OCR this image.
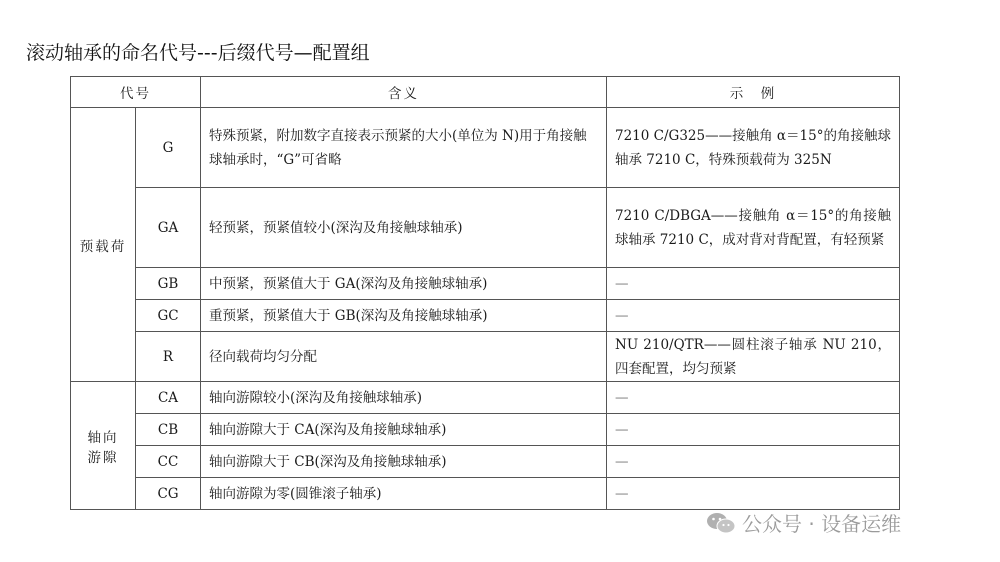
滚动轴承的命名代号---后缀代号—配置组
代号		含义	示　例
预载荷	G	特殊预紧，附加数字直接表示预紧的大小(单位为 N)用于角接触球轴承时，“G”可省略	7210 C/G325——接触角 α＝15°的角接触球轴承 7210 C，特殊预载荷为 325N
	GA	轻预紧，预紧值较小(深沟及角接触球轴承)	7210 C/DBGA——接触角 α＝15°的角接触球轴承 7210 C，成对背对背配置，有轻预紧
	GB	中预紧，预紧值大于 GA(深沟及角接触球轴承)	—
	GC	重预紧，预紧值大于 GB(深沟及角接触球轴承)	—
	R	径向载荷均匀分配	NU 210/QTR——圆柱滚子轴承 NU 210，四套配置，均匀预紧
轴向
游隙	CA	轴向游隙较小(深沟及角接触球轴承)	—
	CB	轴向游隙大于 CA(深沟及角接触球轴承)	—
	CC	轴向游隙大于 CB(深沟及角接触球轴承)	—
	CG	轴向游隙为零(圆锥滚子轴承)	—
公众号 · 设备运维
